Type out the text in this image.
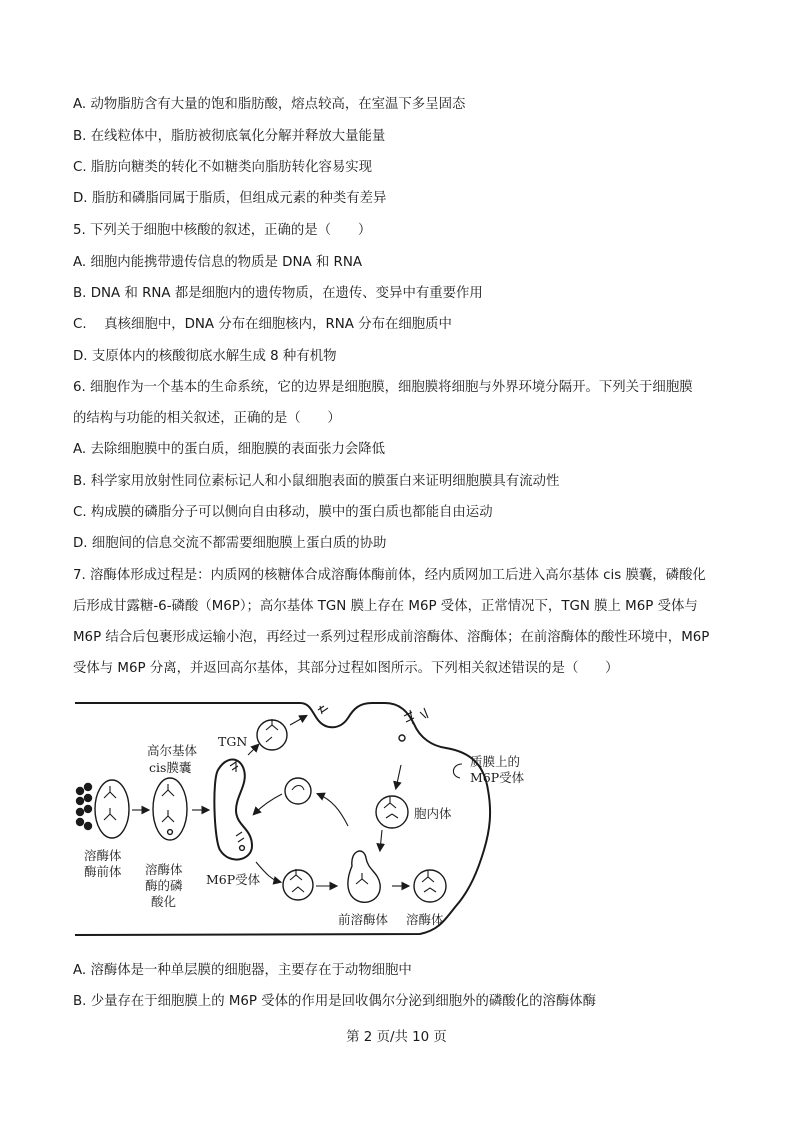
A. 动物脂肪含有大量的饱和脂肪酸，熔点较高，在室温下多呈固态
B. 在线粒体中，脂肪被彻底氧化分解并释放大量能量
C. 脂肪向糖类的转化不如糖类向脂肪转化容易实现
D. 脂肪和磷脂同属于脂质，但组成元素的种类有差异
5. 下列关于细胞中核酸的叙述，正确的是（　　）
A. 细胞内能携带遗传信息的物质是 DNA 和 RNA
B. DNA 和 RNA 都是细胞内的遗传物质，在遗传、变异中有重要作用
C.　 真核细胞中，DNA 分布在细胞核内，RNA 分布在细胞质中
D. 支原体内的核酸彻底水解生成 8 种有机物
6. 细胞作为一个基本的生命系统，它的边界是细胞膜，细胞膜将细胞与外界环境分隔开。下列关于细胞膜
的结构与功能的相关叙述，正确的是（　　）
A. 去除细胞膜中的蛋白质，细胞膜的表面张力会降低
B. 科学家用放射性同位素标记人和小鼠细胞表面的膜蛋白来证明细胞膜具有流动性
C. 构成膜的磷脂分子可以侧向自由移动，膜中的蛋白质也都能自由运动
D. 细胞间的信息交流不都需要细胞膜上蛋白质的协助
7. 溶酶体形成过程是：内质网的核糖体合成溶酶体酶前体，经内质网加工后进入高尔基体 cis 膜囊，磷酸化
后形成甘露糖-6-磷酸（M6P）；高尔基体 TGN 膜上存在 M6P 受体，正常情况下，TGN 膜上 M6P 受体与
M6P 结合后包裹形成运输小泡，再经过一系列过程形成前溶酶体、溶酶体；在前溶酶体的酸性环境中，M6P
受体与 M6P 分离，并返回高尔基体，其部分过程如图所示。下列相关叙述错误的是（　　）
A. 溶酶体是一种单层膜的细胞器，主要存在于动物细胞中
B. 少量存在于细胞膜上的 M6P 受体的作用是回收偶尔分泌到细胞外的磷酸化的溶酶体酶
高尔基体
cis膜囊
TGN
质膜上的
M6P受体
胞内体
溶酶体
酶前体 溶酶体
酶的磷
酸化
M6P受体
前溶酶体 溶酶体
第 2 页/共 10 页
